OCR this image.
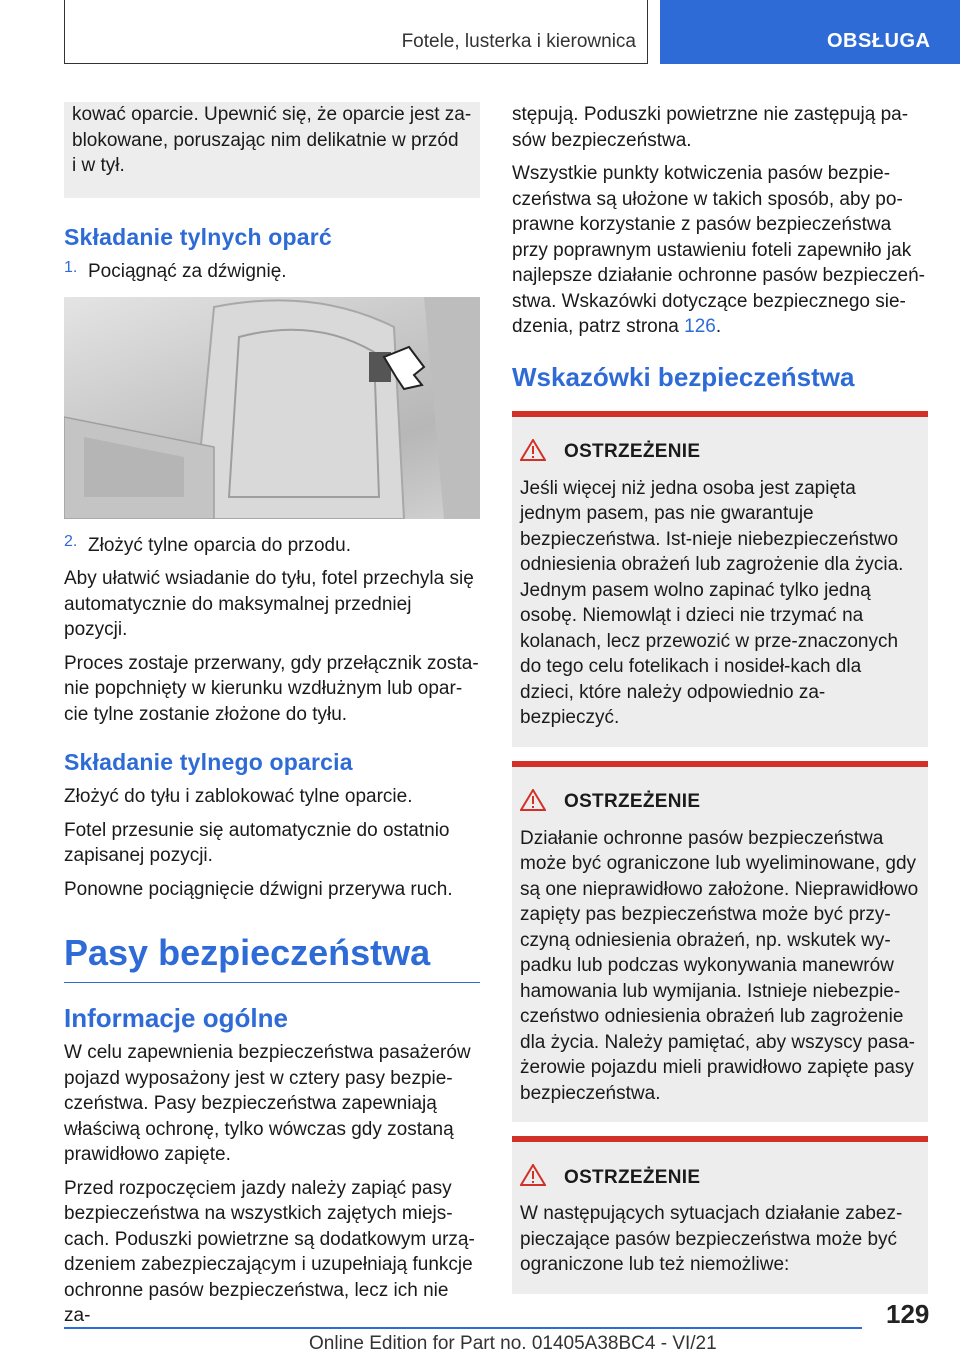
Fotele, lusterka i kierownica	OBSŁUGA

kować oparcie. Upewnić się, że oparcie jest za-
blokowane, poruszając nim delikatnie w przód
i w tył.

Składanie tylnych oparć
1. Pociągnąć za dźwignię.

2. Złożyć tylne oparcia do przodu.

Aby ułatwić wsiadanie do tyłu, fotel przechyla się automatycznie do maksymalnej przedniej pozycji.

Proces zostaje przerwany, gdy przełącznik zosta-nie popchnięty w kierunku wzdłużnym lub opar-cie tylne zostanie złożone do tyłu.

Składanie tylnego oparcia

Złożyć do tyłu i zablokować tylne oparcie.

Fotel przesunie się automatycznie do ostatnio zapisanej pozycji.

Ponowne pociągnięcie dźwigni przerywa ruch.

Pasy bezpieczeństwa
Informacje ogólne

W celu zapewnienia bezpieczeństwa pasażerów pojazd wyposażony jest w cztery pasy bezpie-czeństwa. Pasy bezpieczeństwa zapewniają właściwą ochronę, tylko wówczas gdy zostaną prawidłowo zapięte.

Przed rozpoczęciem jazdy należy zapiąć pasy bezpieczeństwa na wszystkich zajętych miejs-cach. Poduszki powietrzne są dodatkowym urzą-dzeniem zabezpieczającym i uzupełniają funkcje ochronne pasów bezpieczeństwa, lecz ich nie za-

stępują. Poduszki powietrzne nie zastępują pa-sów bezpieczeństwa.

Wszystkie punkty kotwiczenia pasów bezpie-czeństwa są ułożone w takich sposób, aby po-prawne korzystanie z pasów bezpieczeństwa przy poprawnym ustawieniu foteli zapewniło jak najlepsze działanie ochronne pasów bezpieczeń-stwa. Wskazówki dotyczące bezpiecznego sie-dzenia, patrz strona 126.

Wskazówki bezpieczeństwa
OSTRZEŻENIE

Jeśli więcej niż jedna osoba jest zapięta jednym pasem, pas nie gwarantuje bezpieczeństwa. Ist-nieje niebezpieczeństwo odniesienia obrażeń lub zagrożenie dla życia. Jednym pasem wolno zapinać tylko jedną osobę. Niemowląt i dzieci nie trzymać na kolanach, lecz przewozić w prze-znaczonych do tego celu fotelikach i nosideł-kach dla dzieci, które należy odpowiednio za-bezpieczyć.

OSTRZEŻENIE

Działanie ochronne pasów bezpieczeństwa może być ograniczone lub wyeliminowane, gdy są one nieprawidłowo założone. Nieprawidłowo zapięty pas bezpieczeństwa może być przy-czyną odniesienia obrażeń, np. wskutek wy-padku lub podczas wykonywania manewrów hamowania lub wymijania. Istnieje niebezpie-czeństwo odniesienia obrażeń lub zagrożenie dla życia. Należy pamiętać, aby wszyscy pasa-żerowie pojazdu mieli prawidłowo zapięte pasy bezpieczeństwa.

OSTRZEŻENIE

W następujących sytuacjach działanie zabez-pieczające pasów bezpieczeństwa może być ograniczone lub też niemożliwe:

129
Online Edition for Part no. 01405A38BC4 - VI/21
